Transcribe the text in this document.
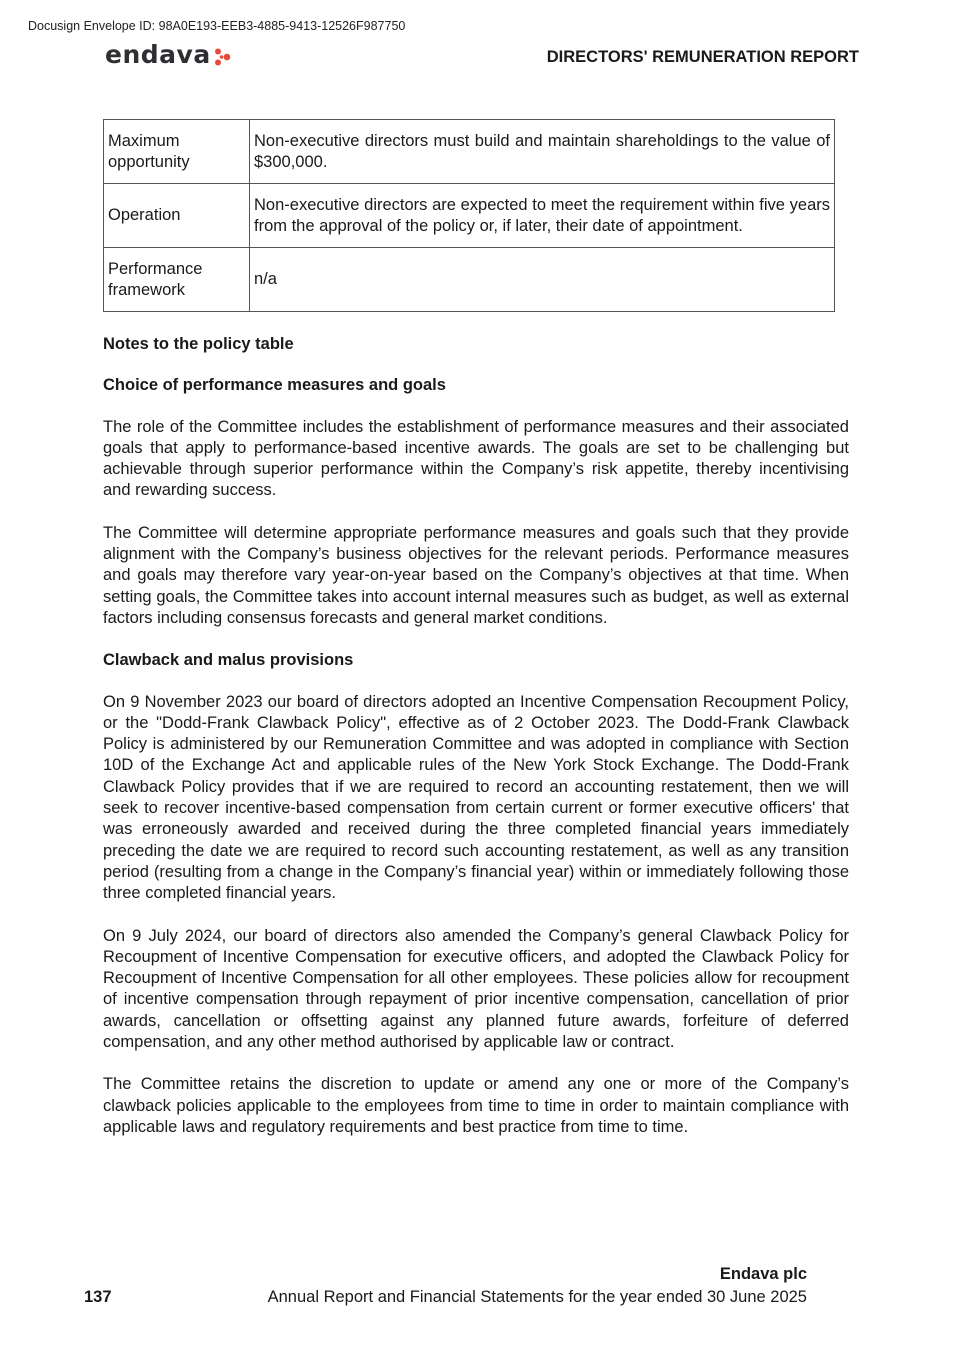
Docusign Envelope ID: 98A0E193-EEB3-4885-9413-12526F987750
endava	DIRECTORS' REMUNERATION REPORT
Maximum opportunity	Non-executive directors must build and maintain shareholdings to the value of $300,000.
Operation	Non-executive directors are expected to meet the requirement within five years from the approval of the policy or, if later, their date of appointment.
Performance framework	n/a
Notes to the policy table
Choice of performance measures and goals

The role of the Committee includes the establishment of performance measures and their associated goals that apply to performance-based incentive awards. The goals are set to be challenging but achievable through superior performance within the Company’s risk appetite, thereby incentivising and rewarding success.

The Committee will determine appropriate performance measures and goals such that they provide alignment with the Company’s business objectives for the relevant periods. Performance measures and goals may therefore vary year-on-year based on the Company’s objectives at that time. When setting goals, the Committee takes into account internal measures such as budget, as well as external factors including consensus forecasts and general market conditions.

Clawback and malus provisions

On 9 November 2023 our board of directors adopted an Incentive Compensation Recoupment Policy, or the "Dodd-Frank Clawback Policy", effective as of 2 October 2023. The Dodd-Frank Clawback Policy is administered by our Remuneration Committee and was adopted in compliance with Section 10D of the Exchange Act and applicable rules of the New York Stock Exchange. The Dodd-Frank Clawback Policy provides that if we are required to record an accounting restatement, then we will seek to recover incentive-based compensation from certain current or former executive officers' that was erroneously awarded and received during the three completed financial years immediately preceding the date we are required to record such accounting restatement, as well as any transition period (resulting from a change in the Company’s financial year) within or immediately following those three completed financial years.

On 9 July 2024, our board of directors also amended the Company’s general Clawback Policy for Recoupment of Incentive Compensation for executive officers, and adopted the Clawback Policy for Recoupment of Incentive Compensation for all other employees. These policies allow for recoupment of incentive compensation through repayment of prior incentive compensation, cancellation of prior awards, cancellation or offsetting against any planned future awards, forfeiture of deferred compensation, and any other method authorised by applicable law or contract.

The Committee retains the discretion to update or amend any one or more of the Company’s clawback policies applicable to the employees from time to time in order to maintain compliance with applicable laws and regulatory requirements and best practice from time to time.

Endava plc
137	Annual Report and Financial Statements for the year ended 30 June 2025
